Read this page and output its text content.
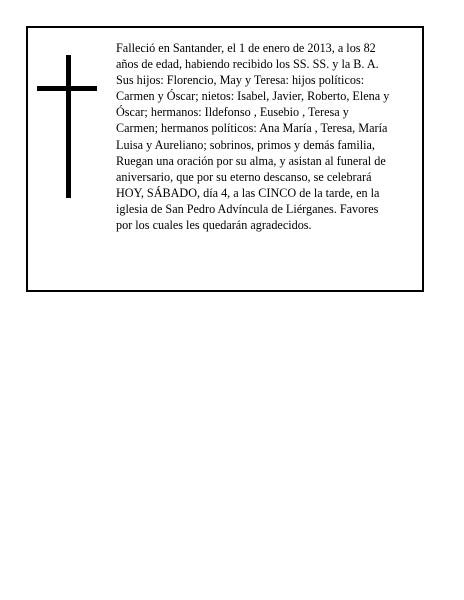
Falleció en Santander, el 1 de enero de 2013, a los 82
años de edad, habiendo recibido los SS. SS. y la B. A.
Sus hijos: Florencio, May y Teresa: hijos políticos:
Carmen y Óscar; nietos: Isabel, Javier, Roberto, Elena y
Óscar; hermanos: Ildefonso , Eusebio , Teresa y
Carmen; hermanos políticos: Ana María , Teresa, María
Luisa y Aureliano; sobrinos, primos y demás familia,
Ruegan una oración por su alma, y asistan al funeral de
aniversario, que por su eterno descanso, se celebrará
HOY, SÁBADO, día 4, a las CINCO de la tarde, en la
iglesia de San Pedro Advíncula de Liérganes. Favores
por los cuales les quedarán agradecidos.
